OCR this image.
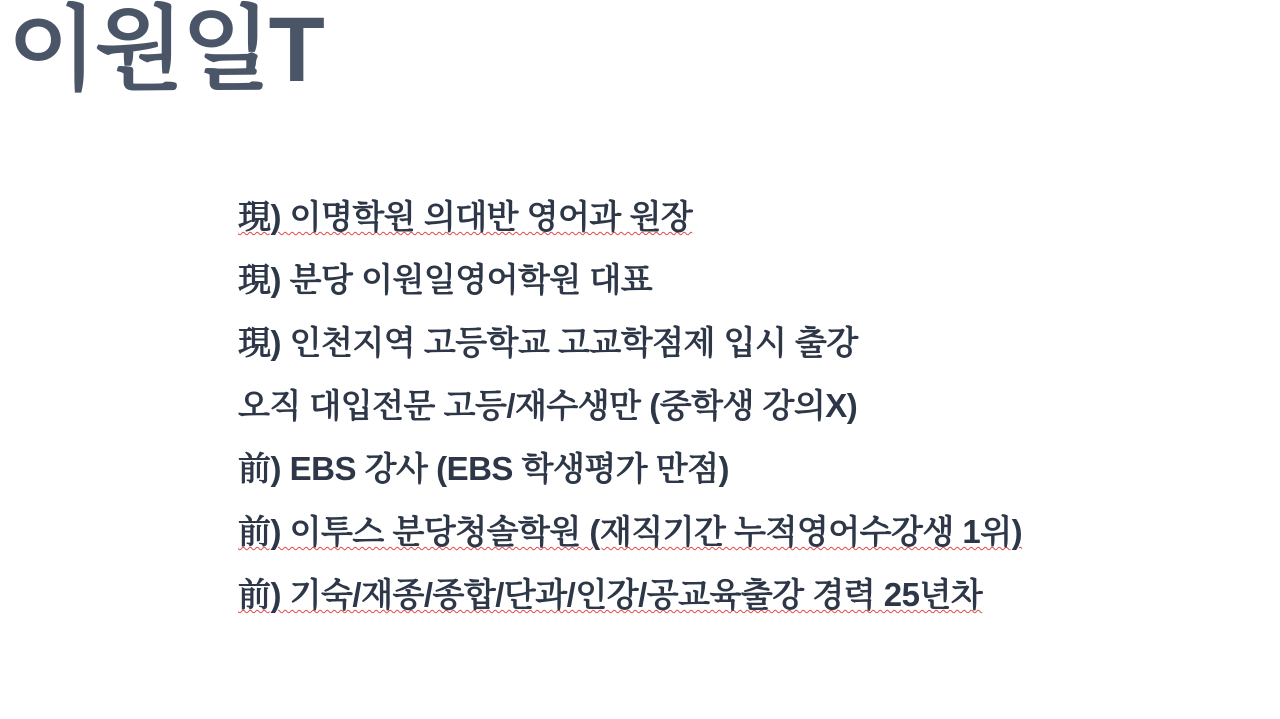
이원일T
現) 이명학원 의대반 영어과 원장
現) 분당 이원일영어학원 대표
現) 인천지역 고등학교 고교학점제 입시 출강
오직 대입전문 고등/재수생만 (중학생 강의X)
前) EBS 강사 (EBS 학생평가 만점)
前) 이투스 분당청솔학원 (재직기간 누적영어수강생 1위)
前) 기숙/재종/종합/단과/인강/공교육출강 경력 25년차
